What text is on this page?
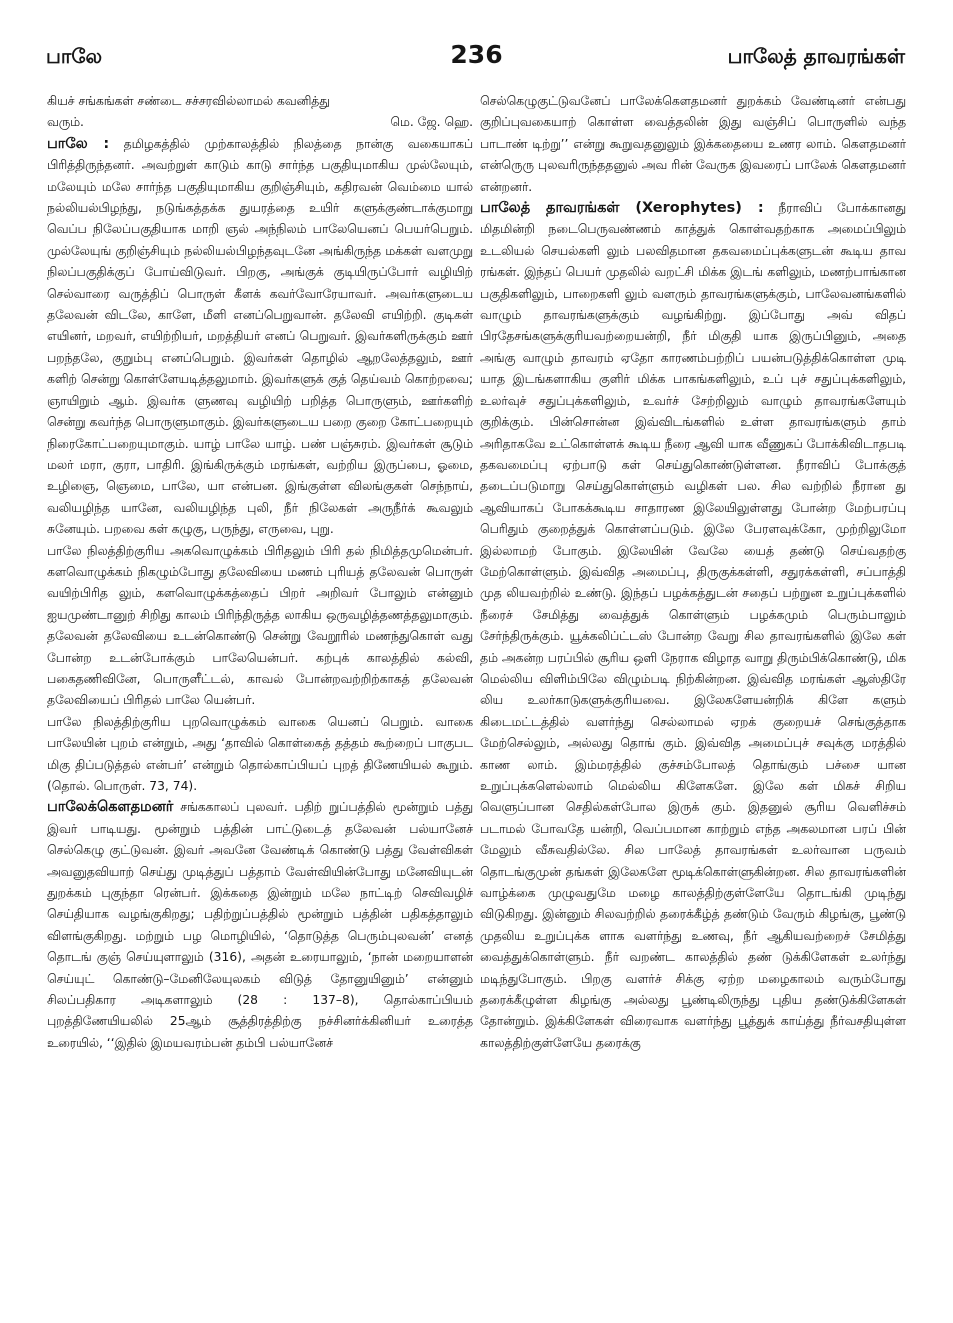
பாலே	236	பாலேத் தாவரங்கள்

கியச் சங்கங்கள் சண்டை சச்சரவில்லாமல் கவனித்து

வரும்.	மெ. ஜே. ஹெ.

பாலே : தமிழகத்தில் முற்காலத்தில் நிலத்தை நான்கு வகையாகப் பிரித்திருந்தனர். அவற்றுள் காடும் காடு சார்ந்த பகுதியுமாகிய முல்லேயும், மலேயும் மலே சார்ந்த பகுதியுமாகிய குறிஞ்சியும், கதிரவன் வெம்மை யால் நல்லியல்பிழந்து, நடுங்கத்தக்க துயரத்தை உயிர் களுக்குண்டாக்குமாறு வெப்ப நிலேப்பகுதியாக மாறி ஞல் அந்நிலம் பாலேயெனப் பெயர்பெறும். முல்லேயுங் குறிஞ்சியும் நல்லியல்பிழந்தவுடனே அங்கிருந்த மக்கள் வளமுறு நிலப்பகுதிக்குப் போய்விடுவர். பிறகு, அங்குக் குடியிருப்போர் வழியிற் செல்வாரை வருத்திப் பொருள் கீளக் கவர்வோரேயாவர். அவர்களுடைய தலேவன் விடலே, காளே, மீளி எனப்பெறுவான். தலேவி எயிற்றி. குடிகள் எயினர், மறவர், எயிற்றியர், மறத்தியர் எனப் பெறுவர். இவர்களிருக்கும் ஊர் பறந்தலே, குறும்பு எனப்பெறும். இவர்கள் தொழில் ஆறலேத்தலும், ஊர் களிற் சென்று கொள்ளேயடித்தலுமாம். இவர்களுக் குத் தெய்வம் கொற்றவை; ஞாயிறும் ஆம். இவர்க ளுணவு வழியிற் பறித்த பொருளும், ஊர்களிற் சென்று கவர்ந்த பொருளுமாகும். இவர்களுடைய பறை குறை கோட்பறையும் நிரைகோட்பறையுமாகும். யாழ் பாலே யாழ். பண் பஞ்சுரம். இவர்கள் சூடும் மலர் மரா, குரா, பாதிரி. இங்கிருக்கும் மரங்கள், வற்றிய இருப்பை, ஓமை, உழிஞை, ஞெமை, பாலே, யா என்பன. இங்குள்ள விலங்குகள் செந்நாய், வலியழிந்த யானே, வலியழிந்த புலி, நீர் நிலேகள் அருநீர்க் கூவலும் சுனேயும். பறவை கள் கழுகு, பருந்து, எருவை, புறு.

பாலே நிலத்திற்குரிய அகவொழுக்கம் பிரிதலும் பிரி தல் நிமித்தமுமென்பர். களவொழுக்கம் நிகழும்போது தலேவியை மணம் புரியத் தலேவன் பொருள் வயிற்பிரித லும், களவொழுக்கத்தைப் பிறர் அறிவர் போலும் என்னும் ஐயமுண்டானுற் சிறிது காலம் பிரிந்திருத்த லாகிய ஒருவழித்தணத்தலுமாகும். தலேவன் தலேவியை உடன்கொண்டு சென்று வேறூரில் மணந்துகொள் வது போன்ற உடன்போக்கும் பாலேயென்பர். கற்புக் காலத்தில் கல்வி, பகைதணிவினே, பொருளீட்டல், காவல் போன்றவற்றிற்காகத் தலேவன் தலேவியைப் பிரிதல் பாலே யென்பர்.

பாலே நிலத்திற்குரிய புறவொழுக்கம் வாகை யெனப் பெறும். வாகை பாலேயின் புறம் என்றும், அது ‘தாவில் கொள்கைத் தத்தம் கூற்றைப் பாகுபட மிகு திப்படுத்தல் என்பர்’ என்றும் தொல்காப்பியப் புறத் திணேயியல் கூறும். (தொல். பொருள். 73, 74).

பாலேக்கௌதமனர் சங்ககாலப் புலவர். பதிற் றுப்பத்தில் மூன்றும் பத்து இவர் பாடியது. மூன்றும் பத்தின் பாட்டுடைத் தலேவன் பல்யானேச் செல்கெழு குட்டுவன். இவர் அவனே வேண்டிக் கொண்டு பத்து வேள்விகள் அவனுதவியாற் செய்து முடித்துப் பத்தாம் வேள்வியின்போது மனேவியுடன் துறக்கம் புகுந்தா ரென்பர். இக்கதை இன்றும் மலே நாட்டிற் செவிவழிச் செய்தியாக வழங்குகிறது; பதிற்றுப்பத்தில் மூன்றும் பத்தின் பதிகத்தாலும் விளங்குகிறது. மற்றும் பழ மொழியில், ‘தொடுத்த பெரும்புலவன்’ எனத் தொடங் குஞ் செய்யுளாலும் (316), அதன் உரையாலும், ‘நான் மறையாளன் செய்யுட் கொண்டு–மேனிலேயுலகம் விடுத் தோனுயினும்’ என்னும் சிலப்பதிகார அடிகளாலும் (28 : 137–8), தொல்காப்பியம் புறத்திணேயியலில் 25ஆம் சூத்திரத்திற்கு நச்சினர்க்கினியர் உரைத்த உரையில், ‘‘இதில் இமயவரம்பன் தம்பி பல்யானேச்

செல்கெழுகுட்டுவனேப் பாலேக்கௌதமனர் துறக்கம் வேண்டினர் என்பது குறிப்புவகையாற் கொள்ள வைத்தலின் இது வஞ்சிப் பொருளில் வந்த பாடாண் டிற்று’’ என்று கூறுவதனுலும் இக்கதையை உணர லாம். கௌதமனர் என்ருெரு புலவரிருந்ததனுல் அவ ரின் வேருக இவரைப் பாலேக் கௌதமனர் என்றனர்.

பாலேத் தாவரங்கள் (Xerophytes) : நீராவிப் போக்கானது மிதமின்றி நடைபெருவண்ணம் காத்துக் கொள்வதற்காக அமைப்பிலும் உடலியல் செயல்களி லும் பலவிதமான தகவமைப்புக்களுடன் கூடிய தாவ ரங்கள். இந்தப் பெயர் முதலில் வறட்சி மிக்க இடங் களிலும், மணற்பாங்கான பகுதிகளிலும், பாறைகளி லும் வளரும் தாவரங்களுக்கும், பாலேவனங்களில் வாழும் தாவரங்களுக்கும் வழங்கிற்று. இப்போது அவ் விதப் பிரதேசங்களுக்குரியவற்றையன்றி, நீர் மிகுதி யாக இருப்பினும், அதை அங்கு வாழும் தாவரம் ஏதோ காரணம்பற்றிப் பயன்படுத்திக்கொள்ள முடி யாத இடங்களாகிய குளிர் மிக்க பாகங்களிலும், உப் புச் சதுப்புக்களிலும், உலர்வுச் சதுப்புக்களிலும், உவர்ச் சேற்றிலும் வாழும் தாவரங்களேயும் குறிக்கும். பின்சொன்ன இவ்விடங்களில் உள்ள தாவரங்களும் தாம் அரிதாகவே உட்கொள்ளக் கூடிய நீரை ஆவி யாக வீணுகப் போக்கிவிடாதபடி தகவமைப்பு ஏற்பாடு கள் செய்துகொண்டுள்ளன. நீராவிப் போக்குத் தடைப்படுமாறு செய்துகொள்ளும் வழிகள் பல. சில வற்றில் நீரான து ஆவியாகப் போகக்கூடிய சாதாரண இலேயிலுள்ளது போன்ற மேற்பரப்பு பெரிதும் குறைத்துக் கொள்ளப்படும். இலே பேரளவுக்கோ, முற்றிலுமோ இல்லாமற் போகும். இலேயின் வேலே யைத் தண்டு செய்வதற்கு மேற்கொள்ளும். இவ்வித அமைப்பு, திருகுக்கள்ளி, சதுரக்கள்ளி, சப்பாத்தி முத லியவற்றில் உண்டு. இந்தப் பழக்கத்துடன் சதைப் பற்றுன உறுப்புக்களில் நீரைச் சேமித்து வைத்துக் கொள்ளும் பழக்கமும் பெரும்பாலும் சேர்ந்திருக்கும். யூக்கலிப்ட்டஸ் போன்ற வேறு சில தாவரங்களில் இலே கள் தம் அகன்ற பரப்பில் சூரிய ஒளி நேராக விழாத வாறு திரும்பிக்கொண்டு, மிக மெல்லிய விளிம்பிலே விழும்படி நிற்கின்றன. இவ்வித மரங்கள் ஆஸ்திரே லிய உலர்காடுகளுக்குரியவை. இலேகளேயன்றிக் கிளே களும் கிடைமட்டத்தில் வளர்ந்து செல்லாமல் ஏறக் குறையச் செங்குத்தாக மேற்செல்லும், அல்லது தொங் கும். இவ்வித அமைப்புச் சவுக்கு மரத்தில் காண லாம். இம்மரத்தில் குச்சம்போலத் தொங்கும் பச்சை யான உறுப்புக்களெல்லாம் மெல்லிய கிளேகளே. இலே கள் மிகச் சிறிய வெளுப்பான செதில்கள்போல இருக் கும். இதனுல் சூரிய வெளிச்சம் படாமல் போவதே யன்றி, வெப்பமான காற்றும் எந்த அகலமான பரப் பின் மேலும் வீசுவதில்லே. சில பாலேத் தாவரங்கள் உலர்வான பருவம் தொடங்குமுன் தங்கள் இலேகளே மூடிக்கொள்ளுகின்றன. சில தாவரங்களின் வாழ்க்கை முழுவதுமே மழை காலத்திற்குள்ளேயே தொடங்கி முடிந்து விடுகிறது. இன்னும் சிலவற்றில் தரைக்கீழ்த் தண்டும் வேரும் கிழங்கு, பூண்டு முதலிய உறுப்புக்க ளாக வளர்ந்து உணவு, நீர் ஆகியவற்றைச் சேமித்து வைத்துக்கொள்ளும். நீர் வறண்ட காலத்தில் தண் டுக்கிளேகள் உலர்ந்து மடிந்துபோகும். பிறகு வளர்ச் சிக்கு ஏற்ற மழைகாலம் வரும்போது தரைக்கீழுள்ள கிழங்கு அல்லது பூண்டிலிருந்து புதிய தண்டுக்கிளேகள் தோன்றும். இக்கிளேகள் விரைவாக வளர்ந்து பூத்துக் காய்த்து நீர்வசதியுள்ள காலத்திற்குள்ளேயே தரைக்கு
